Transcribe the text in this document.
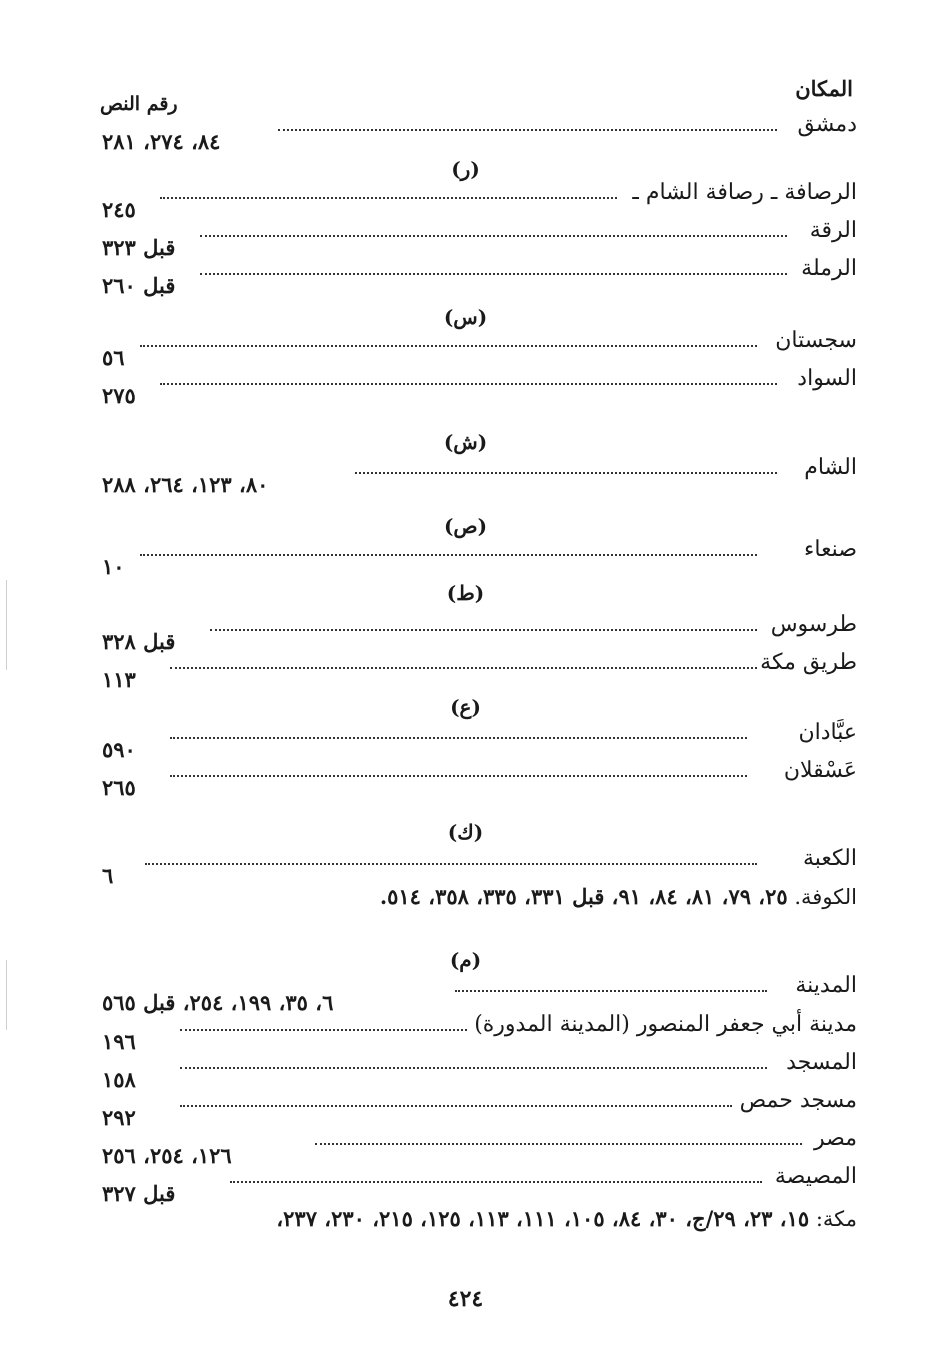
المكان
رقم النص
دمشق
٨٤، ٢٧٤، ٢٨١
(ر)
الرصافة ـ رصافة الشام ـ
٢٤٥
الرقة
قبل ٣٢٣
الرملة
قبل ٢٦٠
(س)
سجستان
٥٦
السواد
٢٧٥
(ش)
الشام
٨٠، ١٢٣، ٢٦٤، ٢٨٨
(ص)
صنعاء
١٠
(ط)
طرسوس
قبل ٣٢٨
طريق مكة
١١٣
(ع)
عبَّادان
٥٩٠
عَسْقلان
٢٦٥
(ك)
الكعبة
٦
الكوفة. ٢٥، ٧٩، ٨١، ٨٤، ٩١، قبل ٣٣١، ٣٣٥، ٣٥٨، ٥١٤.
(م)
المدينة
٦، ٣٥، ١٩٩، ٢٥٤، قبل ٥٦٥
مدينة أبي جعفر المنصور (المدينة المدورة)
١٩٦
المسجد
١٥٨
مسجد حمص
٢٩٢
مصر
١٢٦، ٢٥٤، ٢٥٦
المصيصة
قبل ٣٢٧
مكة: ١٥، ٢٣، ٢٩/ج، ٣٠، ٨٤، ١٠٥، ١١١، ١١٣، ١٢٥، ٢١٥، ٢٣٠، ٢٣٧،
٤٢٤
